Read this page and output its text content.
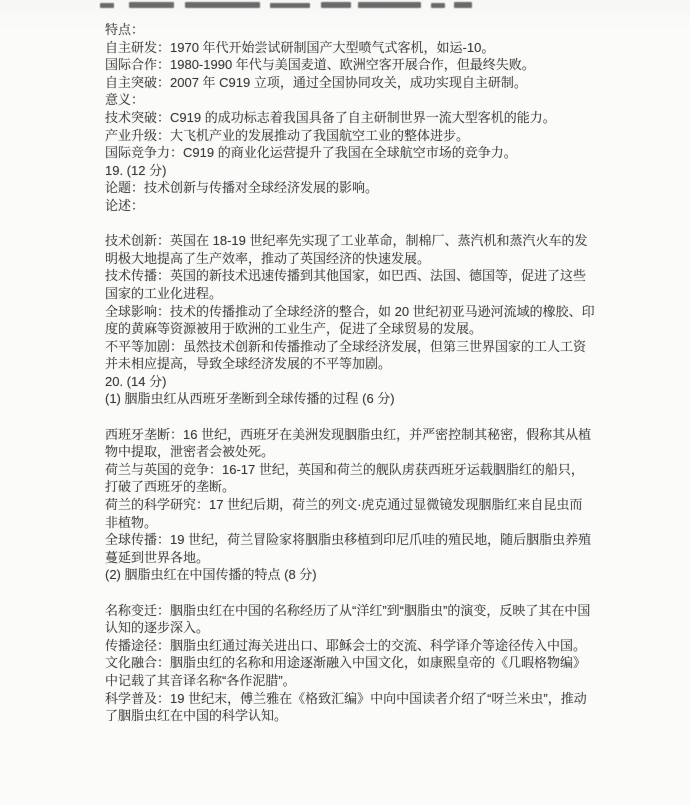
特点：

自主研发：1970 年代开始尝试研制国产大型喷气式客机，如运-10。

国际合作：1980-1990 年代与美国麦道、欧洲空客开展合作，但最终失败。

自主突破：2007 年 C919 立项，通过全国协同攻关，成功实现自主研制。

意义：

技术突破：C919 的成功标志着我国具备了自主研制世界一流大型客机的能力。

产业升级：大飞机产业的发展推动了我国航空工业的整体进步。

国际竞争力：C919 的商业化运营提升了我国在全球航空市场的竞争力。

19. (12 分)

论题：技术创新与传播对全球经济发展的影响。

论述：

技术创新：英国在 18-19 世纪率先实现了工业革命，制棉厂、蒸汽机和蒸汽火车的发明极大地提高了生产效率，推动了英国经济的快速发展。

技术传播：英国的新技术迅速传播到其他国家，如巴西、法国、德国等，促进了这些国家的工业化进程。

全球影响：技术的传播推动了全球经济的整合，如 20 世纪初亚马逊河流域的橡胶、印度的黄麻等资源被用于欧洲的工业生产，促进了全球贸易的发展。

不平等加剧：虽然技术创新和传播推动了全球经济发展，但第三世界国家的工人工资并未相应提高，导致全球经济发展的不平等加剧。

20. (14 分)

(1) 胭脂虫红从西班牙垄断到全球传播的过程 (6 分)

西班牙垄断：16 世纪，西班牙在美洲发现胭脂虫红，并严密控制其秘密，假称其从植物中提取，泄密者会被处死。

荷兰与英国的竞争：16-17 世纪，英国和荷兰的舰队虏获西班牙运载胭脂红的船只，打破了西班牙的垄断。

荷兰的科学研究：17 世纪后期，荷兰的列文·虎克通过显微镜发现胭脂红来自昆虫而非植物。

全球传播：19 世纪，荷兰冒险家将胭脂虫移植到印尼爪哇的殖民地，随后胭脂虫养殖蔓延到世界各地。

(2) 胭脂虫红在中国传播的特点 (8 分)

名称变迁：胭脂虫红在中国的名称经历了从“洋红”到“胭脂虫”的演变，反映了其在中国认知的逐步深入。

传播途径：胭脂虫红通过海关进出口、耶稣会士的交流、科学译介等途径传入中国。

文化融合：胭脂虫红的名称和用途逐渐融入中国文化，如康熙皇帝的《几暇格物编》中记载了其音译名称“各作泥腊”。

科学普及：19 世纪末，傅兰雅在《格致汇编》中向中国读者介绍了“呀兰米虫”，推动了胭脂虫红在中国的科学认知。
